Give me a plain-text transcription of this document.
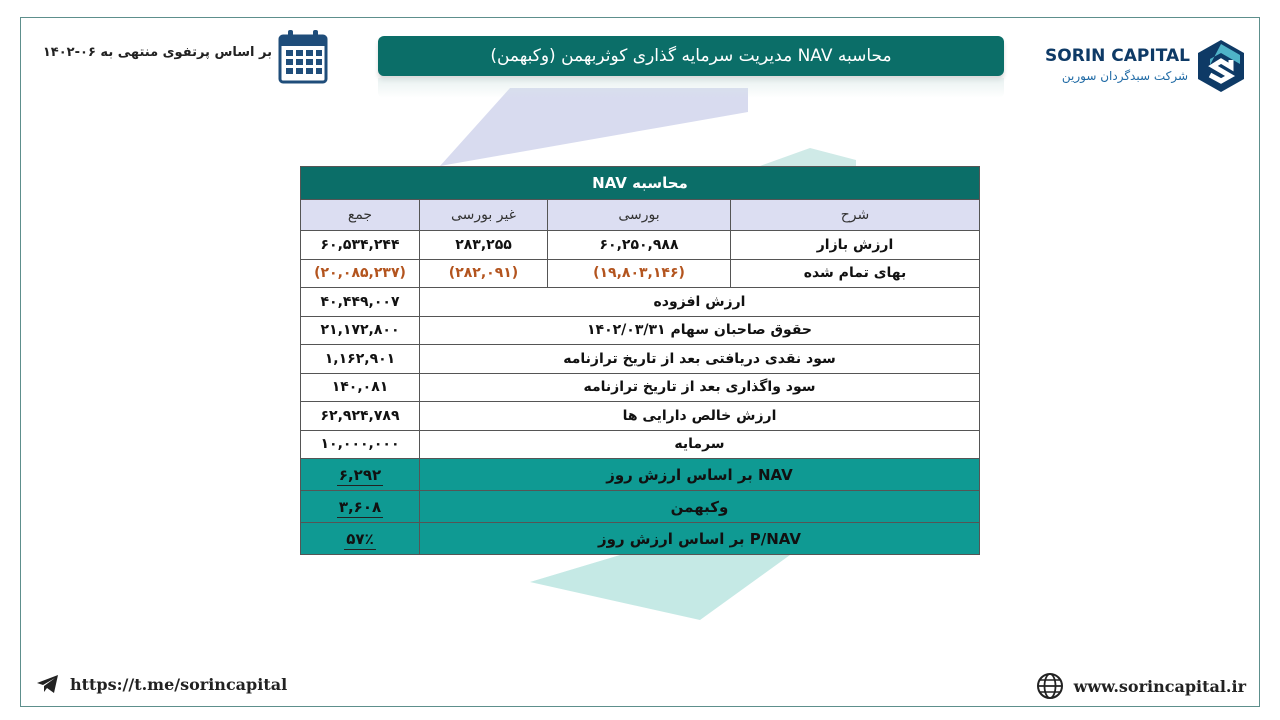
بر اساس پرتفوی منتهی به ۰۶-۱۴۰۲	محاسبه NAV مدیریت سرمایه گذاری کوثربهمن (وکبهمن)	SORIN CAPITAL
شرکت سبدگردان سورین
محاسبه NAV			
شرح	بورسی	غیر بورسی	جمع
ارزش بازار	۶۰,۲۵۰,۹۸۸	۲۸۳,۲۵۵	۶۰,۵۳۴,۲۴۴
بهای تمام شده	(۱۹,۸۰۳,۱۴۶)	(۲۸۲,۰۹۱)	(۲۰,۰۸۵,۲۳۷)
ارزش افزوده			۴۰,۴۴۹,۰۰۷
حقوق صاحبان سهام ۱۴۰۲/۰۳/۳۱			۲۱,۱۷۲,۸۰۰
سود نقدی دریافتی بعد از تاریخ ترازنامه			۱,۱۶۲,۹۰۱
سود واگذاری بعد از تاریخ ترازنامه			۱۴۰,۰۸۱
ارزش خالص دارایی ها			۶۲,۹۲۴,۷۸۹
سرمایه			۱۰,۰۰۰,۰۰۰
NAV بر اساس ارزش روز			۶,۲۹۲
وکبهمن			۳,۶۰۸
P/NAV بر اساس ارزش روز			۵۷٪
https://t.me/sorincapital	www.sorincapital.ir
